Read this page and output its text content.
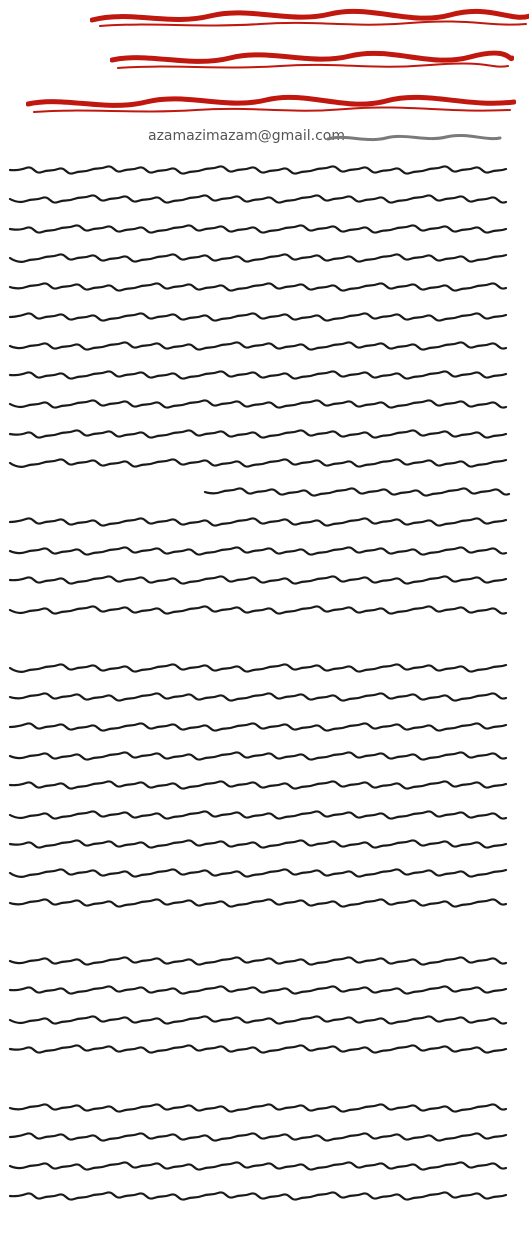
azamazimazam@gmail.com
